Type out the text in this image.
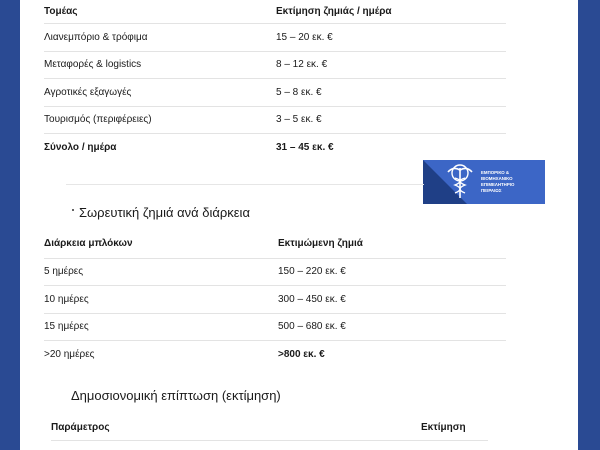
Τομέας	Εκτίμηση ζημιάς / ημέρα
Λιανεμπόριο & τρόφιμα	15 – 20 εκ. €
Μεταφορές & logistics	8 – 12 εκ. €
Αγροτικές εξαγωγές	5 – 8 εκ. €
Τουρισμός (περιφέρειες)	3 – 5 εκ. €
Σύνολο / ημέρα	31 – 45 εκ. €
ΕΜΠΟΡΙΚΟ &
ΒΙΟΜΗΧΑΝΙΚΟ
ΕΠΙΜΕΛΗΤΗΡΙΟ
ΠΕΙΡΑΙΩΣ
Σωρευτική ζημιά ανά διάρκεια
Διάρκεια μπλόκων	Εκτιμώμενη ζημιά
5 ημέρες	150 – 220 εκ. €
10 ημέρες	300 – 450 εκ. €
15 ημέρες	500 – 680 εκ. €
>20 ημέρες	>800 εκ. €
Δημοσιονομική επίπτωση (εκτίμηση)
Παράμετρος	Εκτίμηση
